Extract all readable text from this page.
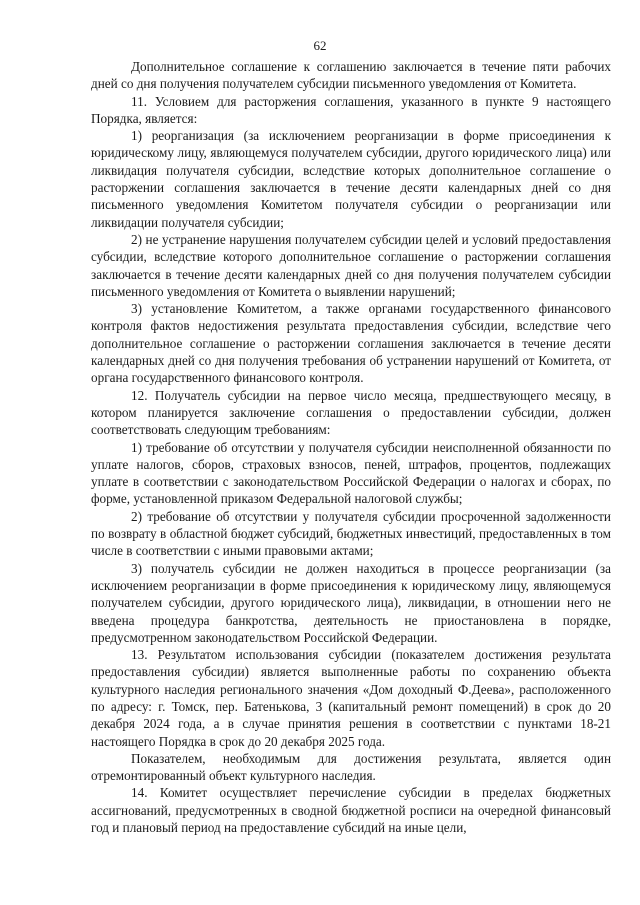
62

Дополнительное соглашение к соглашению заключается в течение пяти рабочих дней со дня получения получателем субсидии письменного уведомления от Комитета.

11. Условием для расторжения соглашения, указанного в пункте 9 настоящего Порядка, является:

1) реорганизация (за исключением реорганизации в форме присоединения к юридическому лицу, являющемуся получателем субсидии, другого юридического лица) или ликвидация получателя субсидии, вследствие которых дополнительное соглашение о расторжении соглашения заключается в течение десяти календарных дней со дня письменного уведомления Комитетом получателя субсидии о реорганизации или ликвидации получателя субсидии;

2) не устранение нарушения получателем субсидии целей и условий предоставления субсидии, вследствие которого дополнительное соглашение о расторжении соглашения заключается в течение десяти календарных дней со дня получения получателем субсидии письменного уведомления от Комитета о выявлении нарушений;

3) установление Комитетом, а также органами государственного финансового контроля фактов недостижения результата предоставления субсидии, вследствие чего дополнительное соглашение о расторжении соглашения заключается в течение десяти календарных дней со дня получения требования об устранении нарушений от Комитета, от органа государственного финансового контроля.

12. Получатель субсидии на первое число месяца, предшествующего месяцу, в котором планируется заключение соглашения о предоставлении субсидии, должен соответствовать следующим требованиям:

1) требование об отсутствии у получателя субсидии неисполненной обязанности по уплате налогов, сборов, страховых взносов, пеней, штрафов, процентов, подлежащих уплате в соответствии с законодательством Российской Федерации о налогах и сборах, по форме, установленной приказом Федеральной налоговой службы;

2) требование об отсутствии у получателя субсидии просроченной задолженности по возврату в областной бюджет субсидий, бюджетных инвестиций, предоставленных в том числе в соответствии с иными правовыми актами;

3) получатель субсидии не должен находиться в процессе реорганизации (за исключением реорганизации в форме присоединения к юридическому лицу, являющемуся получателем субсидии, другого юридического лица), ликвидации, в отношении него не введена процедура банкротства, деятельность не приостановлена в порядке, предусмотренном законодательством Российской Федерации.

13. Результатом использования субсидии (показателем достижения результата предоставления субсидии) является выполненные работы по сохранению объекта культурного наследия регионального значения «Дом доходный Ф.Деева», расположенного по адресу: г. Томск, пер. Батенькова, 3 (капитальный ремонт помещений) в срок до 20 декабря 2024 года, а в случае принятия решения в соответствии с пунктами 18-21 настоящего Порядка в срок до 20 декабря 2025 года.

Показателем, необходимым для достижения результата, является один отремонтированный объект культурного наследия.

14. Комитет осуществляет перечисление субсидии в пределах бюджетных ассигнований, предусмотренных в сводной бюджетной росписи на очередной финансовый год и плановый период на предоставление субсидий на иные цели,
